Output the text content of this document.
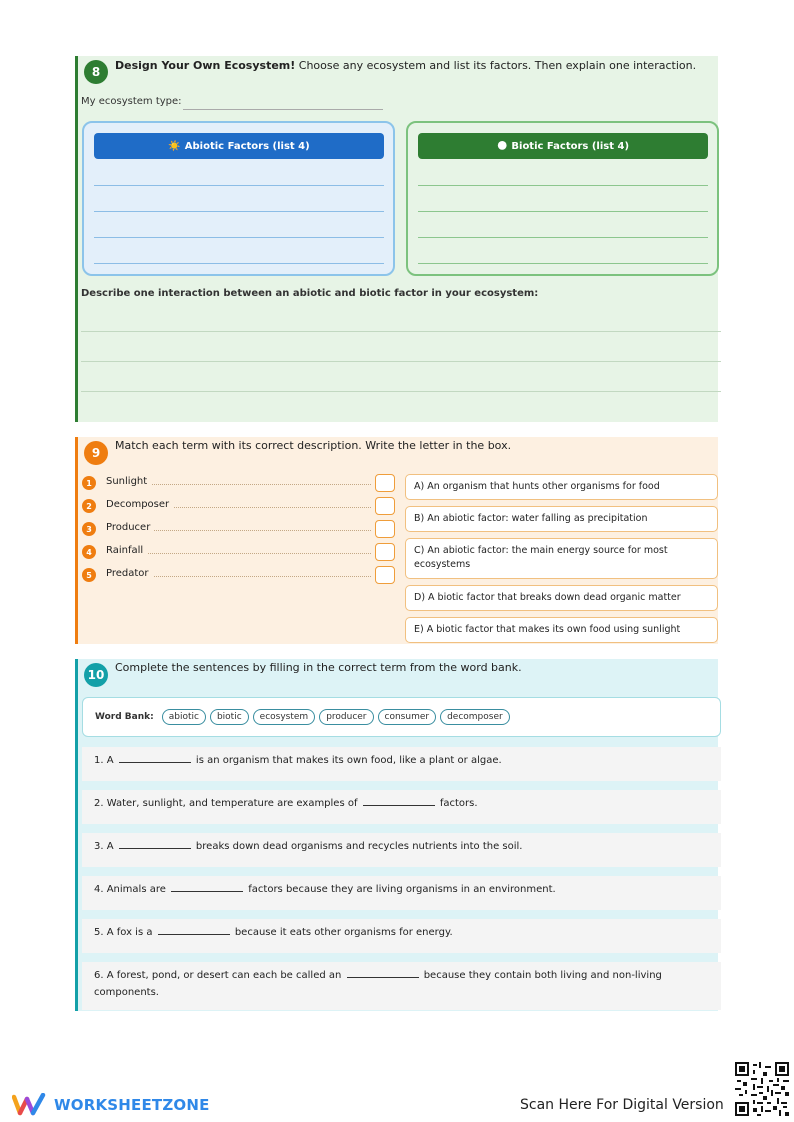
8	Design Your Own Ecosystem! Choose any ecosystem and list its factors. Then explain one interaction.
My ecosystem type:
☀️ Abiotic Factors (list 4)	🌑 Biotic Factors (list 4)
Describe one interaction between an abiotic and biotic factor in your ecosystem:
9
Match each term with its correct description. Write the letter in the box.
1	Sunlight
2	Decomposer
3	Producer
4	Rainfall
5	Predator
A) An organism that hunts other organisms for food
B) An abiotic factor: water falling as precipitation
C) An abiotic factor: the main energy source for most ecosystems
D) A biotic factor that breaks down dead organic matter
E) A biotic factor that makes its own food using sunlight
10
Complete the sentences by filling in the correct term from the word bank.
Word Bank:	abiotic	biotic	ecosystem	producer	consumer	decomposer
1. A	is an organism that makes its own food, like a plant or algae.
2. Water, sunlight, and temperature are examples of	factors.
3. A	breaks down dead organisms and recycles nutrients into the soil.
4. Animals are	factors because they are living organisms in an environment.
5. A fox is a	because it eats other organisms for energy.
6. A forest, pond, or desert can each be called an	because they contain both living and non-living components.
WORKSHEETZONE	Scan Here For Digital Version
